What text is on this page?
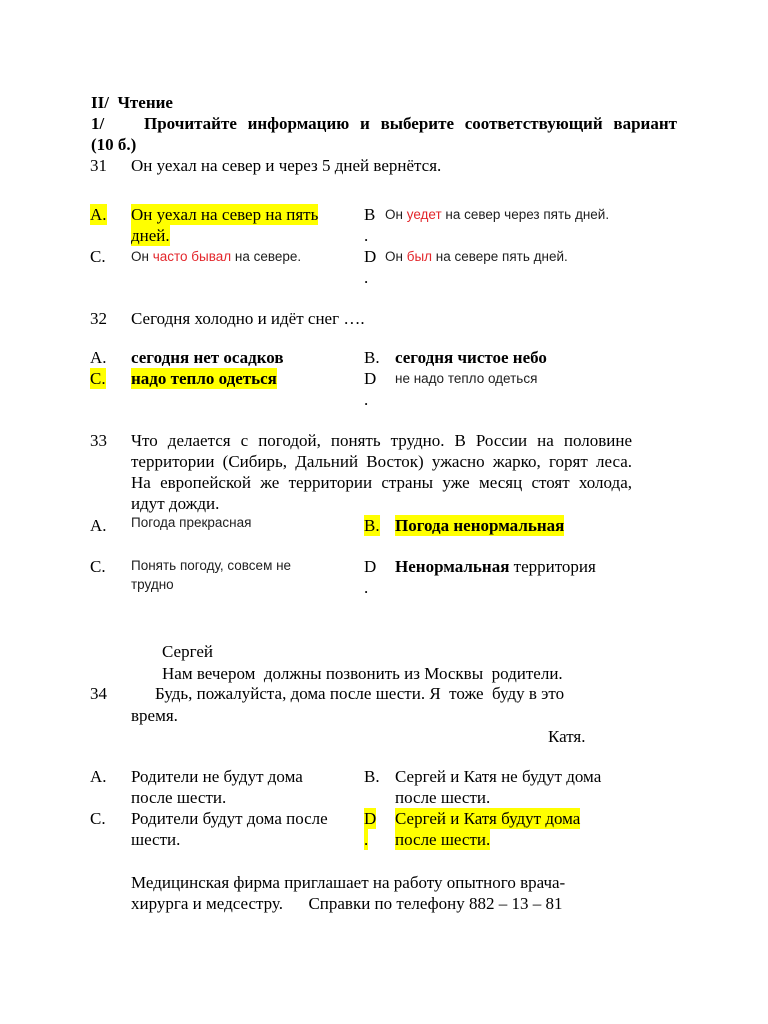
II/  Чтение
1/ Прочитайте информацию и выберите соответствующий вариант
(10 б.)
31 Он уехал на север и через 5 дней вернётся.
A. Он уехал на север на пять
дней.
B.
Он уедет на север через пять дней.
C. Он часто бывал на севере.	D.
Он был на севере пять дней.
32 Сегодня холодно и идёт снег ….
A. сегодня нет осадков	B. сегодня чистое небо
C. надо тепло одеться	D.
не надо тепло одеться
33 Что делается с погодой, понять трудно. В России на половине
территории (Сибирь, Дальний Восток) ужасно жарко, горят леса.
На европейской же территории страны уже месяц стоят холода,
идут дожди.
A. Погода прекрасная	B. Погода ненормальная
C. Понять погоду, совсем не
трудно
D.
Ненормальная территория
Сергей
Нам вечером  должны позвонить из Москвы  родители.
34	Будь, пожалуйста, дома после шести. Я  тоже  буду в это
время.
Катя.
A. Родители не будут дома
после шести.
B. Сергей и Катя не будут дома
после шести.
C. Родители будут дома после
шести.
D.
Сергей и Катя будут дома
после шести.
Медицинская фирма приглашает на работу опытного врача-
хирурга и медсестру.      Справки по телефону 882 – 13 – 81
